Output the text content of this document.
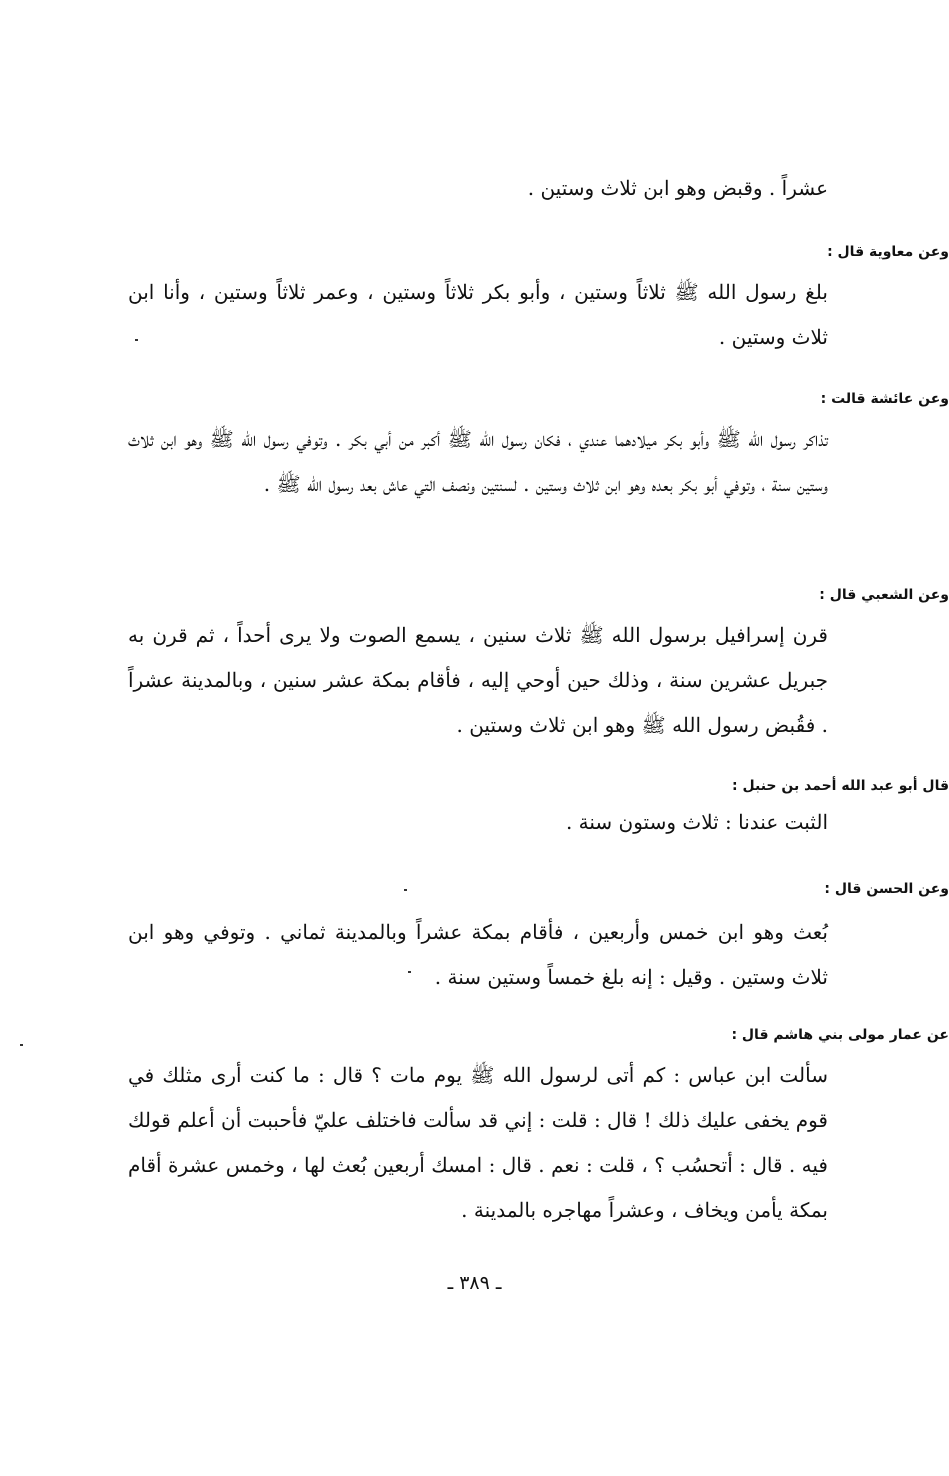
عشراً . وقبض وهو ابن ثلاث وستين .

وعن معاوية قال :

بلغ رسول الله ﷺ ثلاثاً وستين ، وأبو بكر ثلاثاً وستين ، وعمر ثلاثاً وستين ، وأنا ابن ثلاث وستين .

وعن عائشة قالت :

تذاكر رسول الله ﷺ وأبو بكر ميلادهما عندي ، فكان رسول الله ﷺ أكبر من أبي بكر . وتوفي رسول الله ﷺ وهو ابن ثلاث وستين سنة ، وتوفي أبو بكر بعده وهو ابن ثلاث وستين . لسنتين ونصف التي عاش بعد رسول الله ﷺ .

وعن الشعبي قال :

قرن إسرافيل برسول الله ﷺ ثلاث سنين ، يسمع الصوت ولا يرى أحداً ، ثم قرن به جبريل عشرين سنة ، وذلك حين أوحي إليه ، فأقام بمكة عشر سنين ، وبالمدينة عشراً . فقُبض رسول الله ﷺ وهو ابن ثلاث وستين .

قال أبو عبد الله أحمد بن حنبل :

الثبت عندنا : ثلاث وستون سنة .

وعن الحسن قال :

بُعث وهو ابن خمس وأربعين ، فأقام بمكة عشراً وبالمدينة ثماني . وتوفي وهو ابن ثلاث وستين . وقيل : إنه بلغ خمساً وستين سنة .

عن عمار مولى بني هاشم قال :

سألت ابن عباس : كم أتى لرسول الله ﷺ يوم مات ؟ قال : ما كنت أرى مثلك في قوم يخفى عليك ذلك ! قال : قلت : إني قد سألت فاختلف عليّ فأحببت أن أعلم قولك فيه . قال : أتحسُب ؟ ، قلت : نعم . قال : امسك أربعين بُعث لها ، وخمس عشرة أقام بمكة يأمن ويخاف ، وعشراً مهاجره بالمدينة .

ـ ٣٨٩ ـ
